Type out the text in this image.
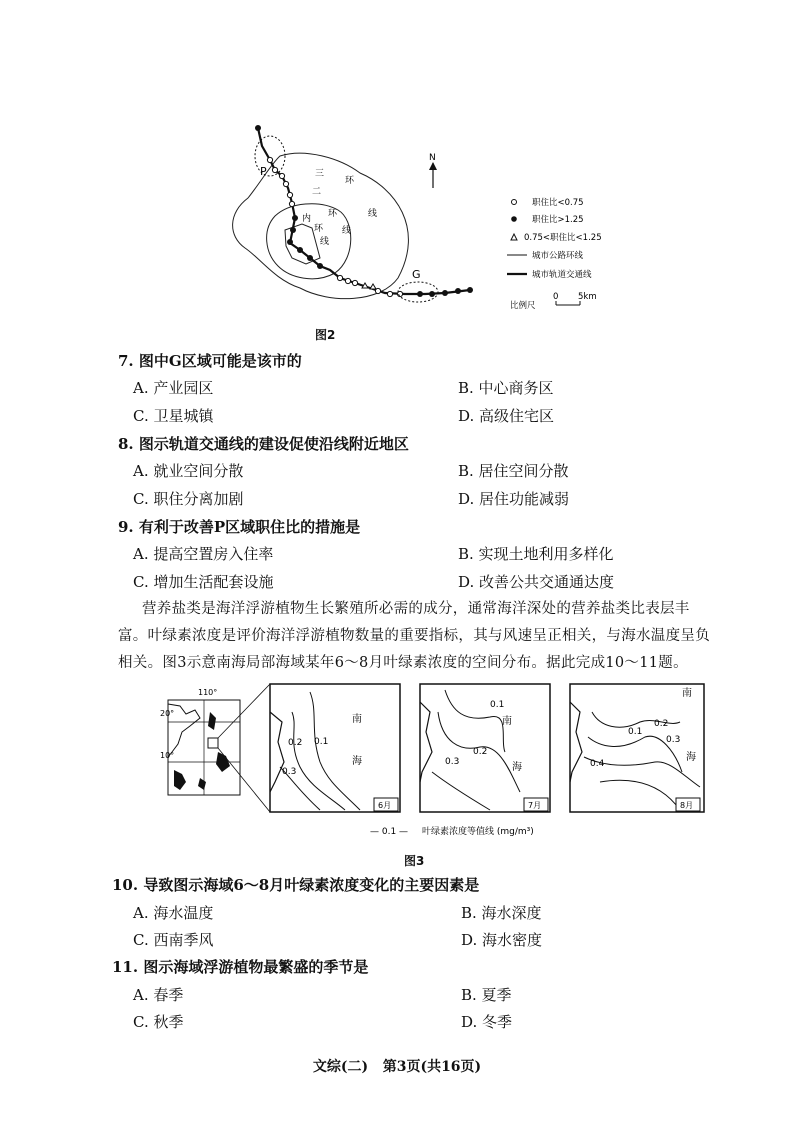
P
G
三
环
线
二
环
线
内
环
线
N
职住比<0.75
职住比>1.25
0.75<职住比<1.25
城市公路环线
城市轨道交通线
比例尺
0 5km
图2
7. 图中G区域可能是该市的
A. 产业园区	B. 中心商务区
C. 卫星城镇	D. 高级住宅区
8. 图示轨道交通线的建设促使沿线附近地区
A. 就业空间分散	B. 居住空间分散
C. 职住分离加剧	D. 居住功能减弱
9. 有利于改善P区域职住比的措施是
A. 提高空置房入住率	B. 实现土地利用多样化
C. 增加生活配套设施	D. 改善公共交通通达度
营养盐类是海洋浮游植物生长繁殖所必需的成分，通常海洋深处的营养盐类比表层丰
富。叶绿素浓度是评价海洋浮游植物数量的重要指标，其与风速呈正相关，与海水温度呈负
相关。图3示意南海局部海域某年6～8月叶绿素浓度的空间分布。据此完成10～11题。
110°
20°
10°
0.2 0.1
0.3
南
海
6月
0.1
0.2
0.3
南
海
7月
0.2
0.1
0.3
0.4
南
海
8月
— 0.1 — 叶绿素浓度等值线 (mg/m³)
图3
10. 导致图示海域6～8月叶绿素浓度变化的主要因素是
A. 海水温度	B. 海水深度
C. 西南季风	D. 海水密度
11. 图示海域浮游植物最繁盛的季节是
A. 春季	B. 夏季
C. 秋季	D. 冬季
文综(二)   第3页(共16页)
